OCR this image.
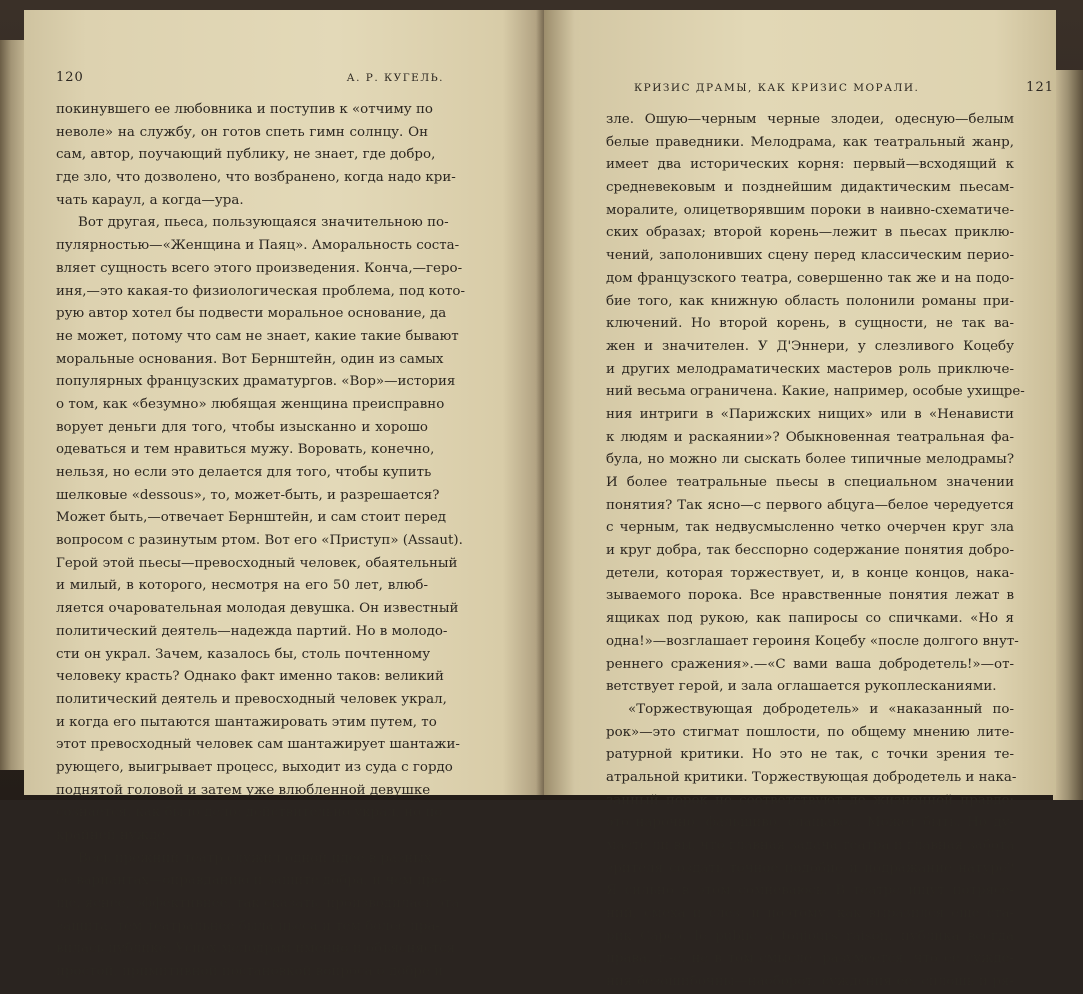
120	А. Р. КУГЕЛЬ.
покинувшего ее любовника и поступив к «отчиму по
неволе» на службу, он готов спеть гимн солнцу. Он
сам, автор, поучающий публику, не знает, где добро,
где зло, что дозволено, что возбранено, когда надо кри-
чать караул, а когда—ура.
Вот другая, пьеса, пользующаяся значительною по-
пулярностью—«Женщина и Паяц». Аморальность соста-
вляет сущность всего этого произведения. Конча,—геро-
иня,—это какая-то физиологическая проблема, под кото-
рую автор хотел бы подвести моральное основание, да
не может, потому что сам не знает, какие такие бывают
моральные основания. Вот Бернштейн, один из самых
популярных французских драматургов. «Вор»—история
о том, как «безумно» любящая женщина преисправно
ворует деньги для того, чтобы изысканно и хорошо
одеваться и тем нравиться мужу. Воровать, конечно,
нельзя, но если это делается для того, чтобы купить
шелковые «dessous», то, может-быть, и разрешается?
Может быть,—отвечает Бернштейн, и сам стоит перед
вопросом с разинутым ртом. Вот его «Приступ» (Assaut).
Герой этой пьесы—превосходный человек, обаятельный
и милый, в которого, несмотря на его 50 лет, влюб-
ляется очаровательная молодая девушка. Он известный
политический деятель—надежда партий. Но в молодо-
сти он украл. Зачем, казалось бы, столь почтенному
человеку красть? Однако факт именно таков: великий
политический деятель и превосходный человек украл,
и когда его пытаются шантажировать этим путем, то
этот превосходный человек сам шантажирует шантажи-
рующего, выигрывает процесс, выходит из суда с гордо
поднятой головой и затем уже влюбленной девушке
сознается, как было дело: действительно украл, но по
крайней нужде.
Весь прежний театр служил одной идее в разных
ее вариантах—оправданию и защите добра, и чем про-
ще, яснее, эффективнее, так сказать, производилась эта
защита, тем театральнее была пьеса и тем более пра-
вилась публике. Успех мелодрам именно и объясняется
простой, примитивной постановкой вопроса о добре и
КРИЗИС ДРАМЫ, КАК КРИЗИС МОРАЛИ.	121
зле. Ошую—черным черные злодеи, одесную—белым
белые праведники. Мелодрама, как театральный жанр,
имеет два исторических корня: первый—всходящий к
средневековым и позднейшим дидактическим пьесам-
моралите, олицетворявшим пороки в наивно-схематиче-
ских образах; второй корень—лежит в пьесах приклю-
чений, заполонивших сцену перед классическим перио-
дом французского театра, совершенно так же и на подо-
бие того, как книжную область полонили романы при-
ключений. Но второй корень, в сущности, не так ва-
жен и значителен. У Д'Эннери, у слезливого Коцебу
и других мелодраматических мастеров роль приключе-
ний весьма ограничена. Какие, например, особые ухищре-
ния интриги в «Парижских нищих» или в «Ненависти
к людям и раскаянии»? Обыкновенная театральная фа-
була, но можно ли сыскать более типичные мелодрамы?
И более театральные пьесы в специальном значении
понятия? Так ясно—с первого абцуга—белое чередуется
с черным, так недвусмысленно четко очерчен круг зла
и круг добра, так бесспорно содержание понятия добро-
детели, которая торжествует, и, в конце концов, нака-
зываемого порока. Все нравственные понятия лежат в
ящиках под рукою, как папиросы со спичками. «Но я
одна!»—возглашает героиня Коцебу «после долгого внут-
реннего сражения».—«С вами ваша добродетель!»—от-
ветствует герой, и зала оглашается рукоплесканиями.
«Торжествующая добродетель» и «наказанный по-
рок»—это стигмат пошлости, по общему мнению лите-
ратурной критики. Но это не так, с точки зрения те-
атральной критики. Торжествующая добродетель и нака-
занный порок не соответствуют де жизненной правде;
это нарочно, фальшиво, слащаво... Может быть. Но ду-
маете ли вы, что главная задача театра и главная забота
зрителя создать точное подобие и подражание натуре?
Я сильно в этом сомневаюсь. В театре ищут потрясе-
ний, смеха и слез, и поэтому, как выразился еще ста-
рик Сарсэ, le public a toujours raison, публика всегда
права, т.-е. не в том смысле, разумеется, что ее сужде-
ния безошибочны—наоборот, суждения ее, сплошь и ря-
